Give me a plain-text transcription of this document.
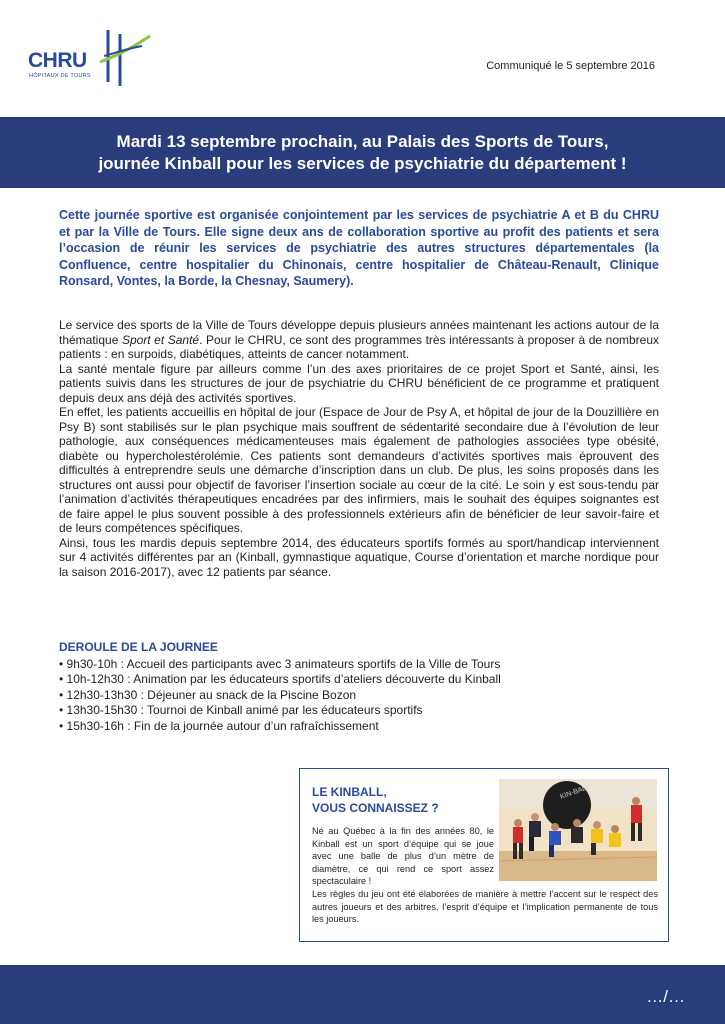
CHRU
HÔPITAUX DE TOURS
Communiqué le 5 septembre 2016
Mardi 13 septembre prochain, au Palais des Sports de Tours,
journée Kinball pour les services de psychiatrie du département !
Cette journée sportive est organisée conjointement par les services de psychiatrie A et B du CHRU et par la Ville de Tours. Elle signe deux ans de collaboration sportive au profit des patients et sera l’occasion de réunir les services de psychiatrie des autres structures départementales (la Confluence, centre hospitalier du Chinonais, centre hospitalier de Château-Renault, Clinique Ronsard, Vontes, la Borde, la Chesnay, Saumery).

Le service des sports de la Ville de Tours développe depuis plusieurs années maintenant les actions autour de la thématique Sport et Santé. Pour le CHRU, ce sont des programmes très intéressants à proposer à de nombreux patients : en surpoids, diabétiques, atteints de cancer notamment.

La santé mentale figure par ailleurs comme l’un des axes prioritaires de ce projet Sport et Santé, ainsi, les patients suivis dans les structures de jour de psychiatrie du CHRU bénéficient de ce programme et pratiquent depuis deux ans déjà des activités sportives.

En effet, les patients accueillis en hôpital de jour (Espace de Jour de Psy A, et hôpital de jour de la Douzillière en Psy B) sont stabilisés sur le plan psychique mais souffrent de sédentarité secondaire due à l’évolution de leur pathologie, aux conséquences médicamenteuses mais également de pathologies associées type obésité, diabète ou hypercholestérolémie. Ces patients sont demandeurs d’activités sportives mais éprouvent des difficultés à entreprendre seuls une démarche d’inscription dans un club. De plus, les soins proposés dans les structures ont aussi pour objectif de favoriser l’insertion sociale au cœur de la cité. Le soin y est sous-tendu par l’animation d’activités thérapeutiques encadrées par des infirmiers, mais le souhait des équipes soignantes est de faire appel le plus souvent possible à des professionnels extérieurs afin de bénéficier de leur savoir-faire et de leurs compétences spécifiques.

Ainsi, tous les mardis depuis septembre 2014, des éducateurs sportifs formés au sport/handicap interviennent sur 4 activités différentes par an (Kinball, gymnastique aquatique, Course d’orientation et marche nordique pour la saison 2016-2017), avec 12 patients par séance.

DEROULE DE LA JOURNEE
• 9h30-10h : Accueil des participants avec 3 animateurs sportifs de la Ville de Tours
• 10h-12h30 : Animation par les éducateurs sportifs d’ateliers découverte du Kinball
• 12h30-13h30 : Déjeuner au snack de la Piscine Bozon
• 13h30-15h30 : Tournoi de Kinball animé par les éducateurs sportifs
• 15h30-16h : Fin de la journée autour d’un rafraîchissement
LE KINBALL,
VOUS CONNAISSEZ ?
Né au Québec à la fin des années 80, le Kinball est un sport d’équipe qui se joue avec une balle de plus d’un mètre de diamètre, ce qui rend ce sport assez spectaculaire !
KIN-BALL
Les règles du jeu ont été élaborées de manière à mettre l’accent sur le respect des autres joueurs et des arbitres, l’esprit d’équipe et l’implication permanente de tous les joueurs.
…/…
